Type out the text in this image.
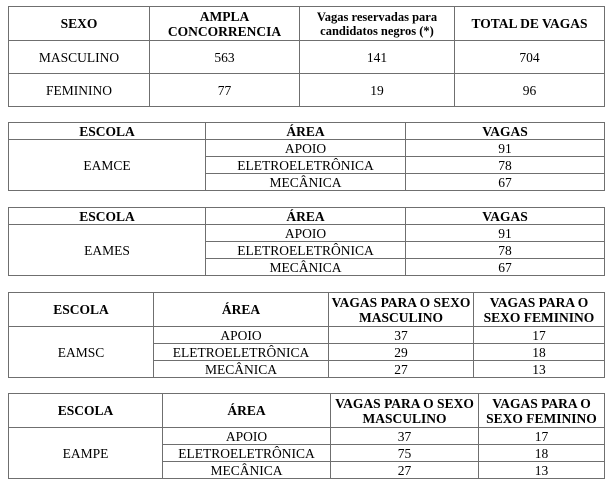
SEXO	AMPLA CONCORRENCIA	Vagas reservadas para candidatos negros (*)	TOTAL DE VAGAS
MASCULINO	563	141	704
FEMININO	77	19	96
ESCOLA	ÁREA	VAGAS
EAMCE	APOIO	91
	ELETROELETRÔNICA	78
	MECÂNICA	67
ESCOLA	ÁREA	VAGAS
EAMES	APOIO	91
	ELETROELETRÔNICA	78
	MECÂNICA	67
ESCOLA	ÁREA	VAGAS PARA O SEXO MASCULINO	VAGAS PARA O SEXO FEMININO
EAMSC	APOIO	37	17
	ELETROELETRÔNICA	29	18
	MECÂNICA	27	13
ESCOLA	ÁREA	VAGAS PARA O SEXO MASCULINO	VAGAS PARA O SEXO FEMININO
EAMPE	APOIO	37	17
	ELETROELETRÔNICA	75	18
	MECÂNICA	27	13
